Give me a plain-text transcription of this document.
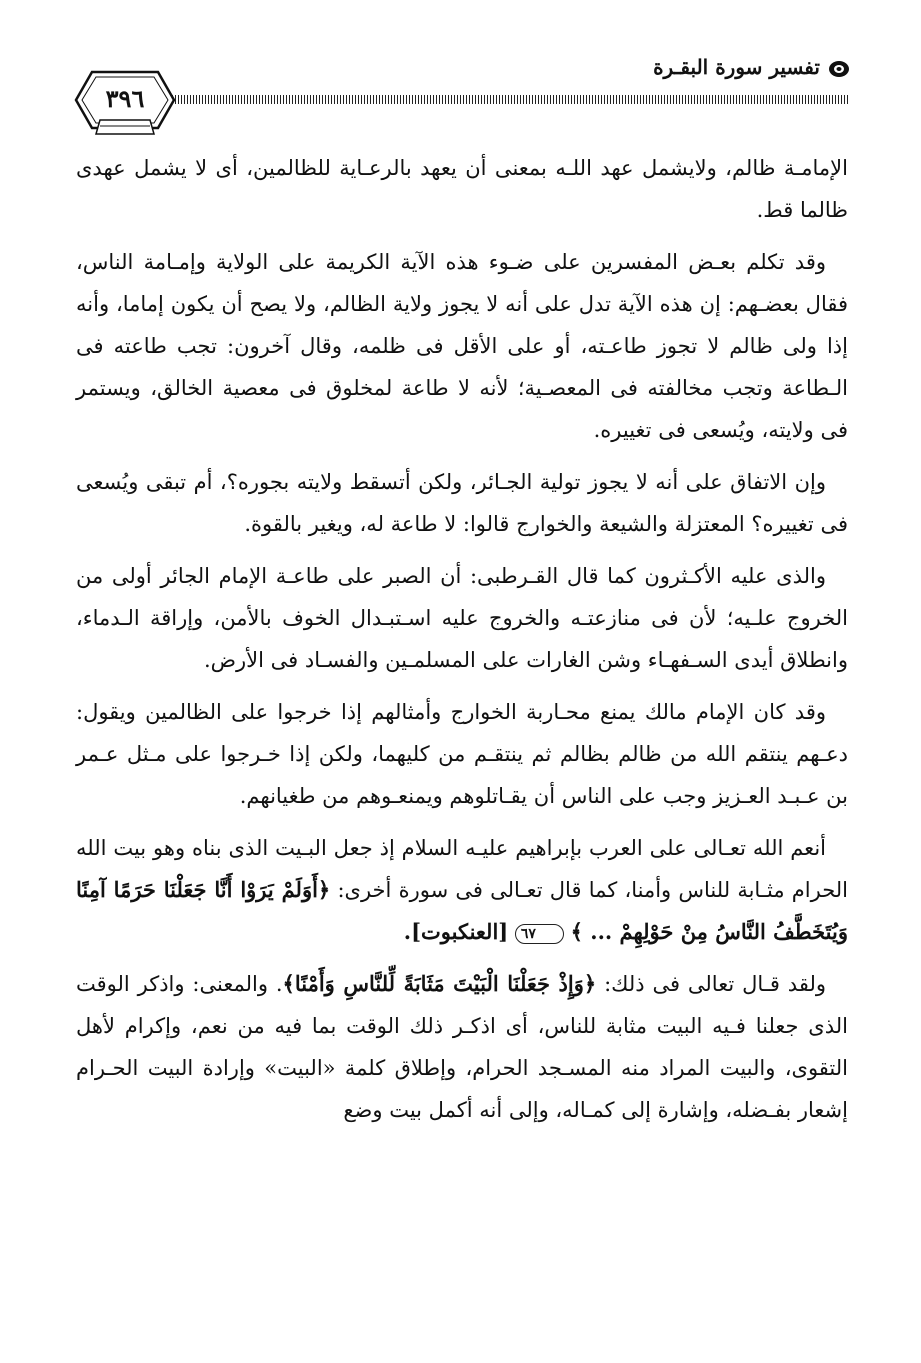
تفسير سورة البقـرة
٣٩٦

الإمامـة ظالم، ولايشمل عهد اللـه بمعنى أن يعهد بالرعـاية للظالمين، أى لا يشمل عهدى ظالما قط.

وقد تكلم بعـض المفسرين على ضـوء هذه الآية الكريمة على الولاية وإمـامة الناس، فقال بعضـهم: إن هذه الآية تدل على أنه لا يجوز ولاية الظالم، ولا يصح أن يكون إماما، وأنه إذا ولى ظالم لا تجوز طاعـته، أو على الأقل فى ظلمه، وقال آخرون: تجب طاعته فى الـطاعة وتجب مخالفته فى المعصـية؛ لأنه لا طاعة لمخلوق فى معصية الخالق، ويستمر فى ولايته، ويُسعى فى تغييره.

وإن الاتفاق على أنه لا يجوز تولية الجـائر، ولكن أتسقط ولايته بجوره؟، أم تبقى ويُسعى فى تغييره؟ المعتزلة والشيعة والخوارج قالوا: لا طاعة له، ويغير بالقوة.

والذى عليه الأكـثرون كما قال القـرطبى: أن الصبر على طاعـة الإمام الجائر أولى من الخروج علـيه؛ لأن فى منازعتـه والخروج عليه اسـتبـدال الخوف بالأمن، وإراقة الـدماء، وانطلاق أيدى السـفهـاء وشن الغارات على المسلمـين والفسـاد فى الأرض.

وقد كان الإمام مالك يمنع محـاربة الخوارج وأمثالهم إذا خرجوا على الظالمين ويقول: دعـهم ينتقم الله من ظالم بظالم ثم ينتقـم من كليهما، ولكن إذا خـرجوا على مـثل عـمر بن عـبـد العـزيز وجب على الناس أن يقـاتلوهم ويمنعـوهم من طغيانهم.

أنعم الله تعـالى على العرب بإبراهيم عليـه السلام إذ جعل البـيت الذى بناه وهو بيت الله الحرام مثـابة للناس وأمنا، كما قال تعـالى فى سورة أخرى: ﴿أَوَلَمْ يَرَوْا أَنَّا جَعَلْنَا حَرَمًا آمِنًا وَيُتَخَطَّفُ النَّاسُ مِنْ حَوْلِهِمْ ... ﴾ ٦٧ [العنكبوت].

ولقد قـال تعالى فى ذلك: ﴿وَإِذْ جَعَلْنَا الْبَيْتَ مَثَابَةً لِّلنَّاسِ وَأَمْنًا﴾. والمعنى: واذكر الوقت الذى جعلنا فـيه البيت مثابة للناس، أى اذكـر ذلك الوقت بما فيه من نعم، وإكرام لأهل التقوى، والبيت المراد منه المسـجد الحرام، وإطلاق كلمة «البيت» وإرادة البيت الحـرام إشعار بفـضله، وإشارة إلى كمـاله، وإلى أنه أكمل بيت وضع
